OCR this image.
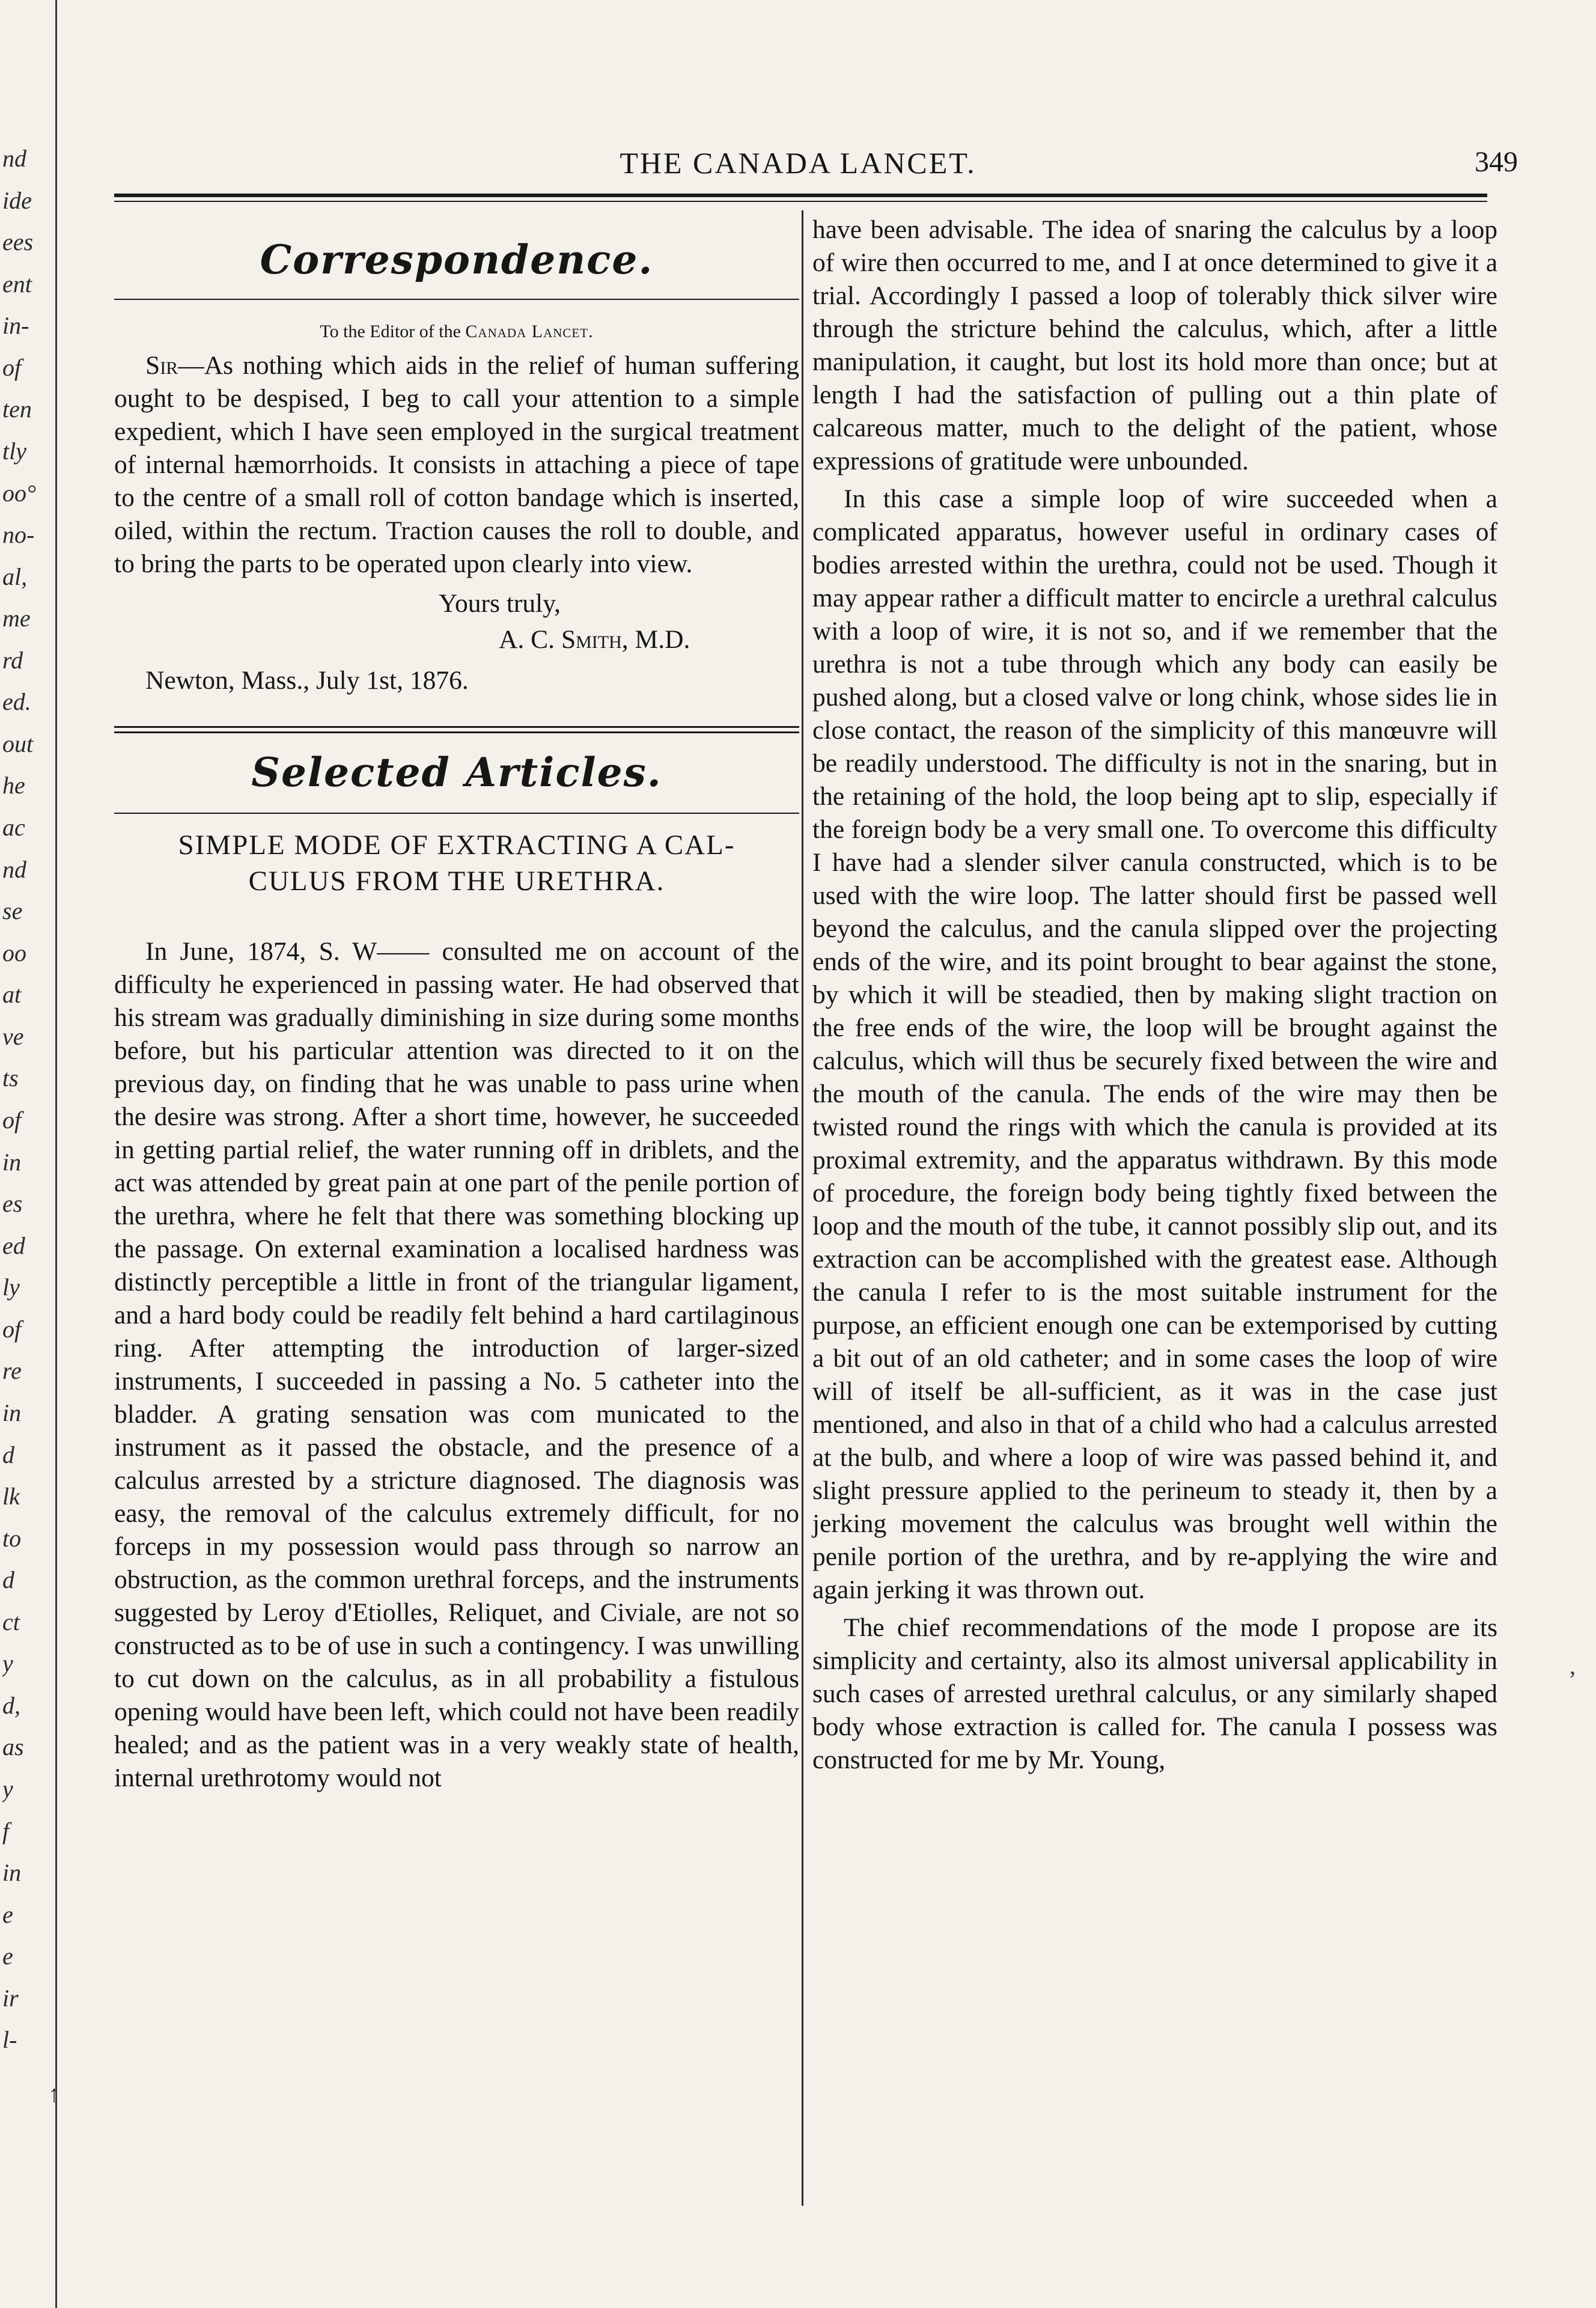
nd
ide
ees
ent
in-
of
ten
tly
oo°
no-
al,
me
rd
ed.
out
he
ac
nd
se
oo
at
ve
ts
of
in
es
ed
ly
of
re
in
d
lk
to
d
ct
y
d,
as
y
f
in
e
e
ir
l-
THE CANADA LANCET.	349
Correspondence.
To the Editor of the Canada Lancet.

Sir—As nothing which aids in the relief of human suffering ought to be despised, I beg to call your attention to a simple expedient, which I have seen employed in the surgical treatment of internal hæmorrhoids. It consists in attaching a piece of tape to the centre of a small roll of cotton bandage which is inserted, oiled, within the rectum. Traction causes the roll to double, and to bring the parts to be operated upon clearly into view.

Yours truly,
A. C. Smith, M.D.
Newton, Mass., July 1st, 1876.
Selected Articles.
SIMPLE MODE OF EXTRACTING A CAL-
CULUS FROM THE URETHRA.

In June, 1874, S. W—— consulted me on account of the difficulty he experienced in passing water. He had observed that his stream was gradually diminishing in size during some months before, but his particular attention was directed to it on the previous day, on finding that he was unable to pass urine when the desire was strong. After a short time, however, he succeeded in getting partial relief, the water running off in driblets, and the act was attended by great pain at one part of the penile portion of the urethra, where he felt that there was something blocking up the passage. On external examination a localised hardness was distinctly perceptible a little in front of the triangular ligament, and a hard body could be readily felt behind a hard cartilaginous ring. After attempting the introduction of larger-sized instruments, I succeeded in passing a No. 5 catheter into the bladder. A grating sensation was com municated to the instrument as it passed the obstacle, and the presence of a calculus arrested by a stricture diagnosed. The diagnosis was easy, the removal of the calculus extremely difficult, for no forceps in my possession would pass through so narrow an obstruction, as the common urethral forceps, and the instruments suggested by Leroy d'Etiolles, Reliquet, and Civiale, are not so constructed as to be of use in such a contingency. I was unwilling to cut down on the calculus, as in all probability a fistulous opening would have been left, which could not have been readily healed; and as the patient was in a very weakly state of health, internal urethrotomy would not

have been advisable. The idea of snaring the calculus by a loop of wire then occurred to me, and I at once determined to give it a trial. Accordingly I passed a loop of tolerably thick silver wire through the stricture behind the calculus, which, after a little manipulation, it caught, but lost its hold more than once; but at length I had the satisfaction of pulling out a thin plate of calcareous matter, much to the delight of the patient, whose expressions of gratitude were unbounded.

In this case a simple loop of wire succeeded when a complicated apparatus, however useful in ordinary cases of bodies arrested within the urethra, could not be used. Though it may appear rather a difficult matter to encircle a urethral calculus with a loop of wire, it is not so, and if we remember that the urethra is not a tube through which any body can easily be pushed along, but a closed valve or long chink, whose sides lie in close contact, the reason of the simplicity of this manœuvre will be readily understood. The difficulty is not in the snaring, but in the retaining of the hold, the loop being apt to slip, especially if the foreign body be a very small one. To overcome this difficulty I have had a slender silver canula constructed, which is to be used with the wire loop. The latter should first be passed well beyond the calculus, and the canula slipped over the projecting ends of the wire, and its point brought to bear against the stone, by which it will be steadied, then by making slight traction on the free ends of the wire, the loop will be brought against the calculus, which will thus be securely fixed between the wire and the mouth of the canula. The ends of the wire may then be twisted round the rings with which the canula is provided at its proximal extremity, and the apparatus withdrawn. By this mode of procedure, the foreign body being tightly fixed between the loop and the mouth of the tube, it cannot possibly slip out, and its extraction can be accomplished with the greatest ease. Although the canula I refer to is the most suitable instrument for the purpose, an efficient enough one can be extemporised by cutting a bit out of an old catheter; and in some cases the loop of wire will of itself be all-sufficient, as it was in the case just mentioned, and also in that of a child who had a calculus arrested at the bulb, and where a loop of wire was passed behind it, and slight pressure applied to the perineum to steady it, then by a jerking movement the calculus was brought well within the penile portion of the urethra, and by re-applying the wire and again jerking it was thrown out.

The chief recommendations of the mode I propose are its simplicity and certainty, also its almost universal applicability in such cases of arrested urethral calculus, or any similarly shaped body whose extraction is called for. The canula I possess was constructed for me by Mr. Young,

,
↑
